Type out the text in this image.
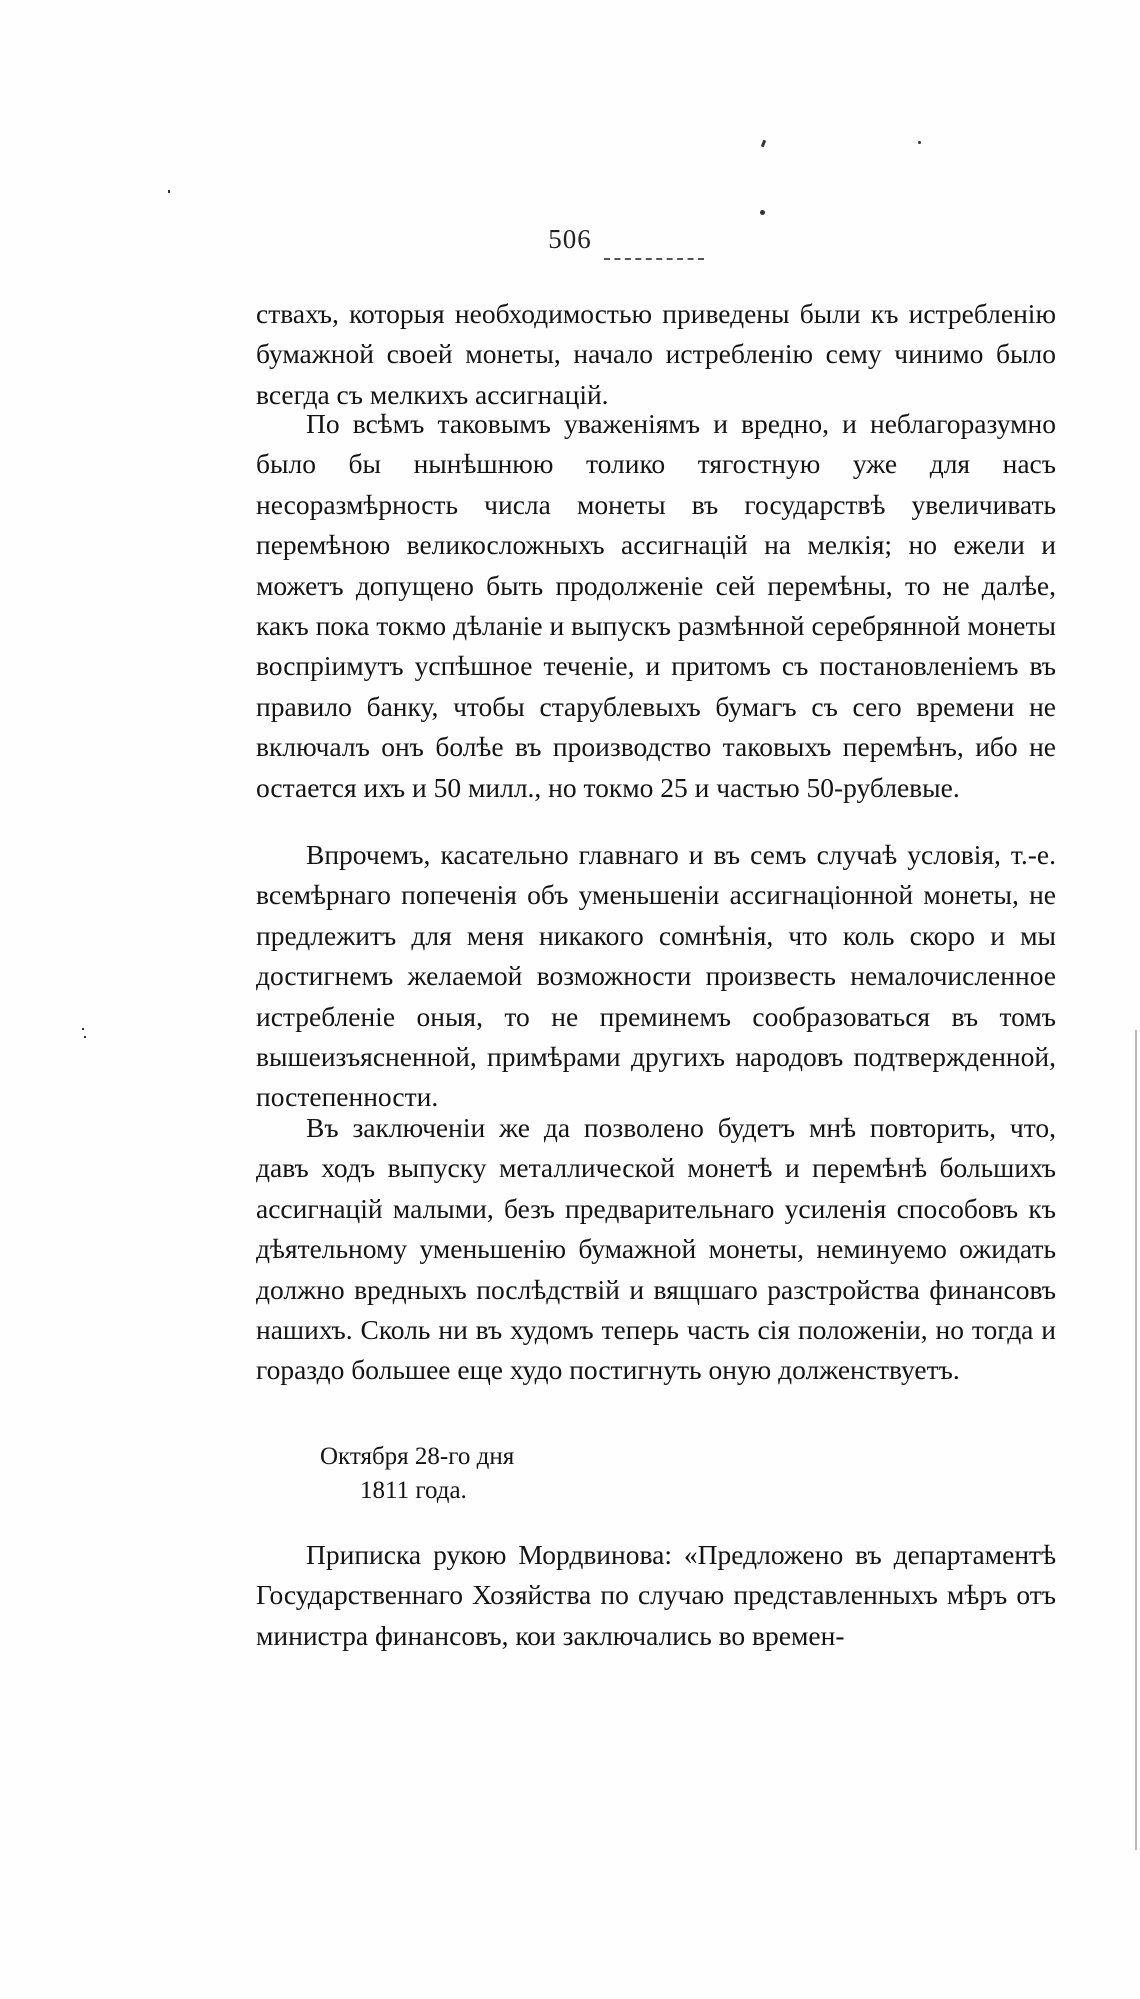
506

ствахъ, которыя необходимостью приведены были къ истребленію бумажной своей монеты, начало истребленію сему чинимо было всегда съ мелкихъ ассигнацій.

По всѣмъ таковымъ уваженіямъ и вредно, и неблагоразумно было бы нынѣшнюю толико тягостную уже для насъ несоразмѣрность числа монеты въ государствѣ увеличивать перемѣною великосложныхъ ассигнацій на мелкія; но ежели и можетъ допущено быть продолженіе сей перемѣны, то не далѣе, какъ пока токмо дѣланіе и выпускъ размѣнной серебрянной монеты воспріимутъ успѣшное теченіе, и притомъ съ постановленіемъ въ правило банку, чтобы старублевыхъ бумагъ съ сего времени не включалъ онъ болѣе въ производство таковыхъ перемѣнъ, ибо не остается ихъ и 50 милл., но токмо 25 и частью 50-рублевые.

Впрочемъ, касательно главнаго и въ семъ случаѣ условія, т.-е. всемѣрнаго попеченія объ уменьшеніи ассигнаціонной монеты, не предлежитъ для меня никакого сомнѣнія, что коль скоро и мы достигнемъ желаемой возможности произвесть немалочисленное истребленіе оныя, то не преминемъ сообразоваться въ томъ вышеизъясненной, примѣрами другихъ народовъ подтвержденной, постепенности.

Въ заключеніи же да позволено будетъ мнѣ повторить, что, давъ ходъ выпуску металлической монетѣ и перемѣнѣ большихъ ассигнацій малыми, безъ предварительнаго усиленія способовъ къ дѣятельному уменьшенію бумажной монеты, неминуемо ожидать должно вредныхъ послѣдствій и вящшаго разстройства финансовъ нашихъ. Сколь ни въ худомъ теперь часть сія положеніи, но тогда и гораздо большее еще худо постигнуть оную долженствуетъ.

Октября 28-го дня
1811 года.

Приписка рукою Мордвинова: «Предложено въ департаментѣ Государственнаго Хозяйства по случаю представленныхъ мѣръ отъ министра финансовъ, кои заключались во времен-
